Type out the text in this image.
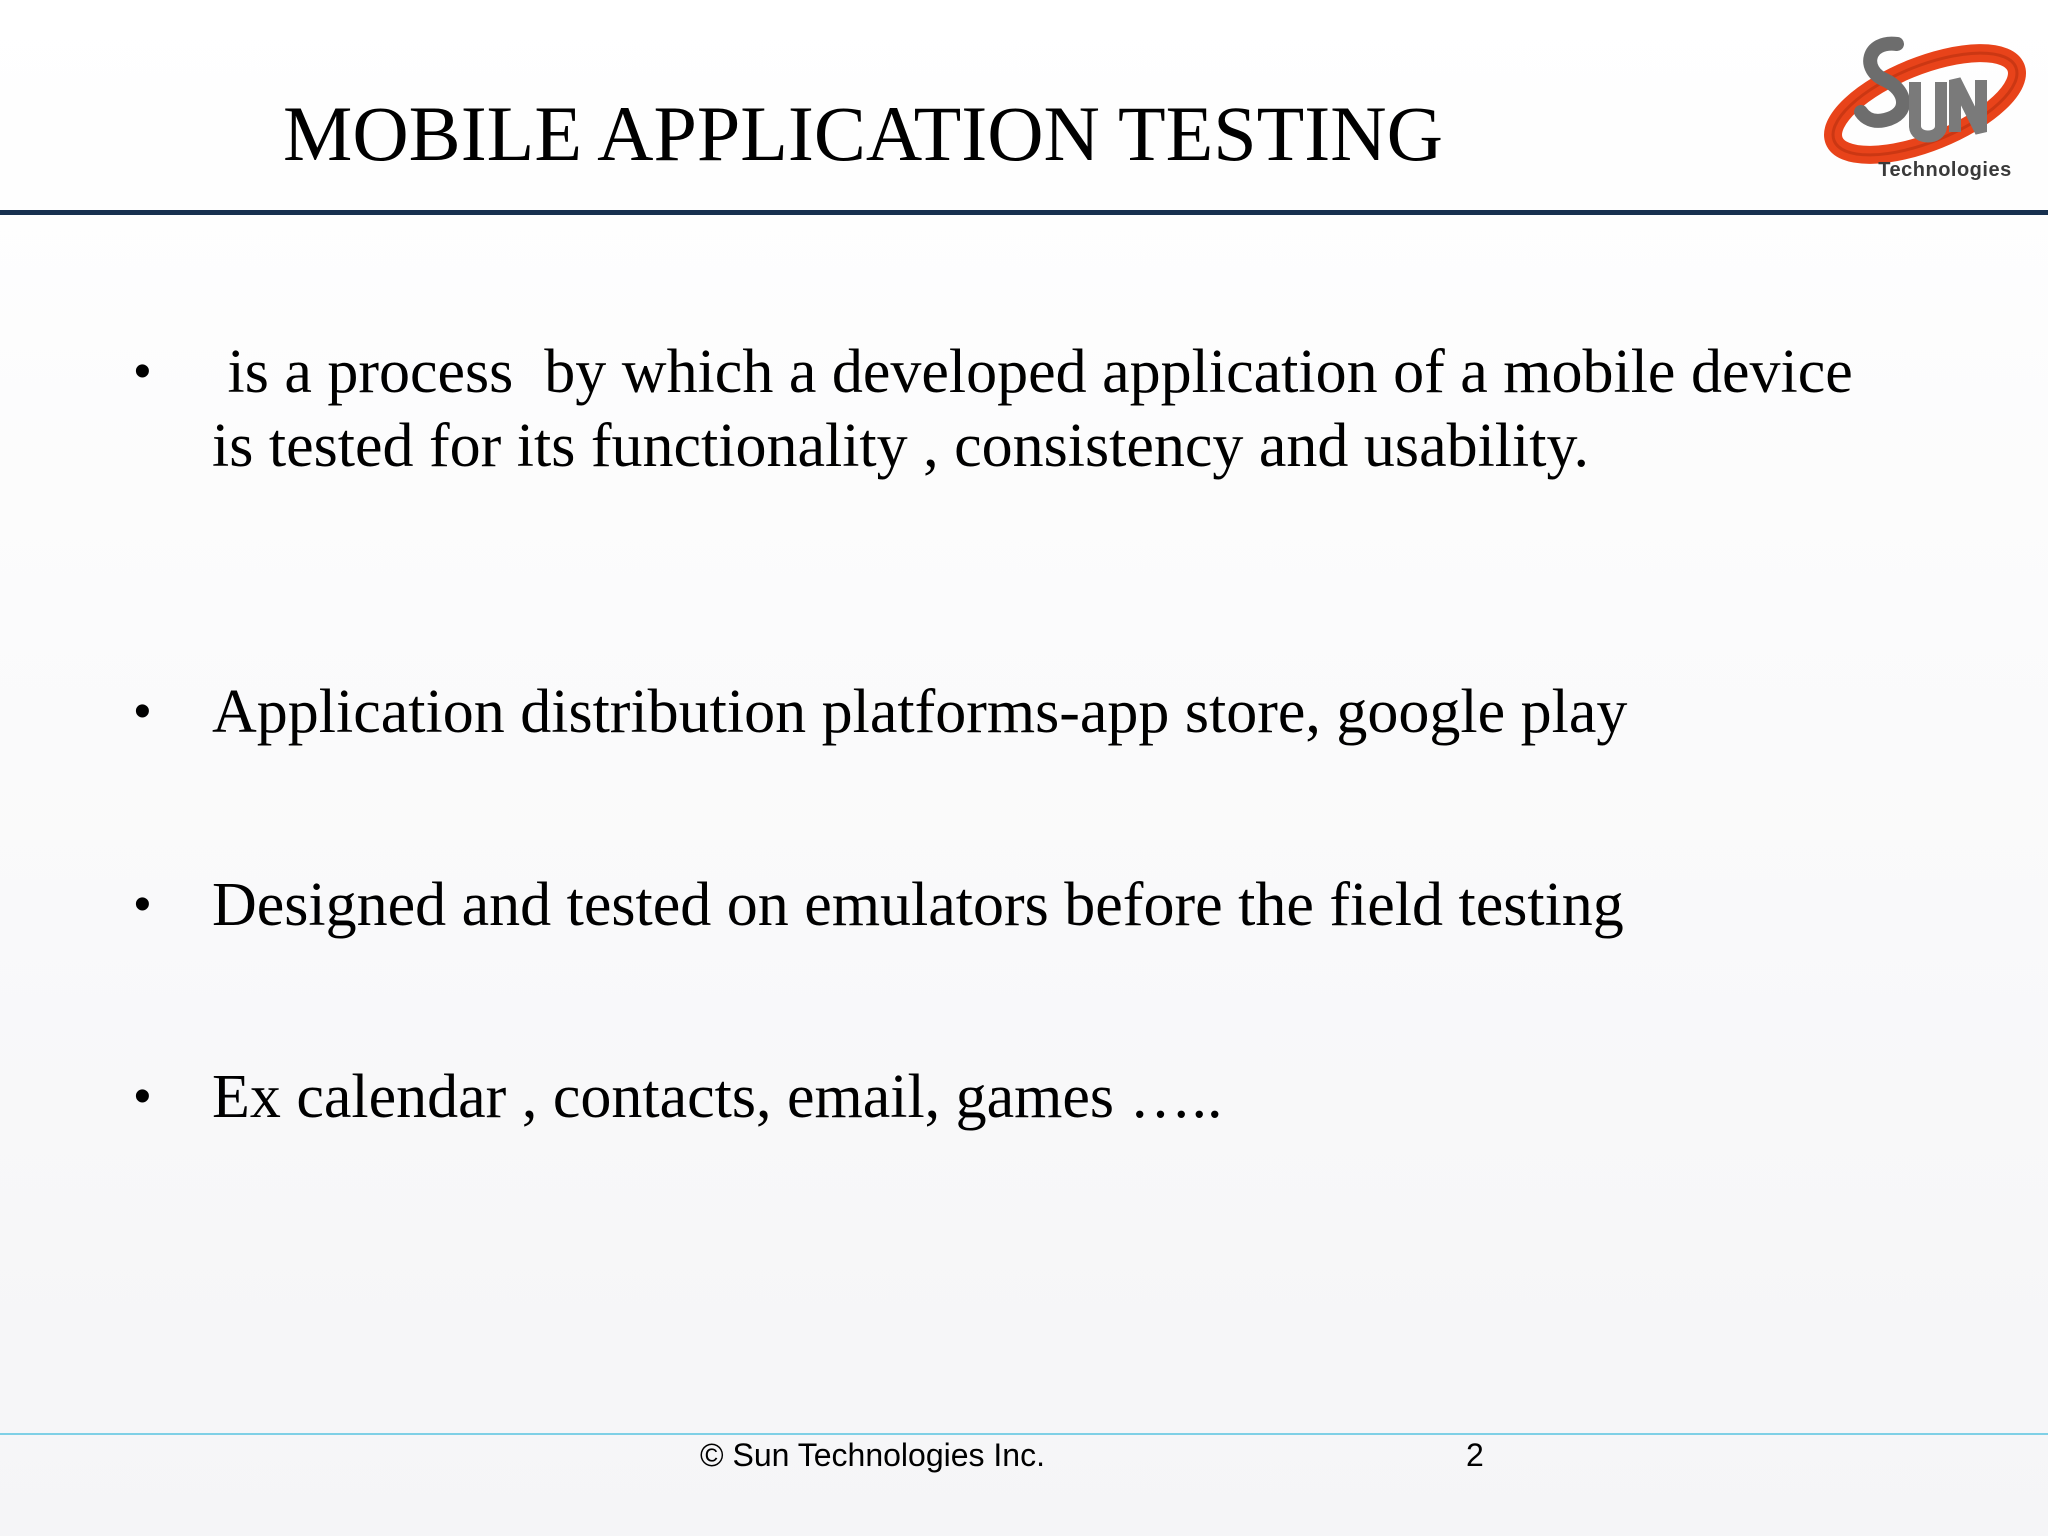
MOBILE APPLICATION TESTING	Technologies
• is a process  by which a developed application of a mobile device is tested for its functionality , consistency and usability.
• Application distribution platforms-app store, google play
• Designed and tested on emulators before the field testing
• Ex calendar , contacts, email, games …..
© Sun Technologies Inc.	2
